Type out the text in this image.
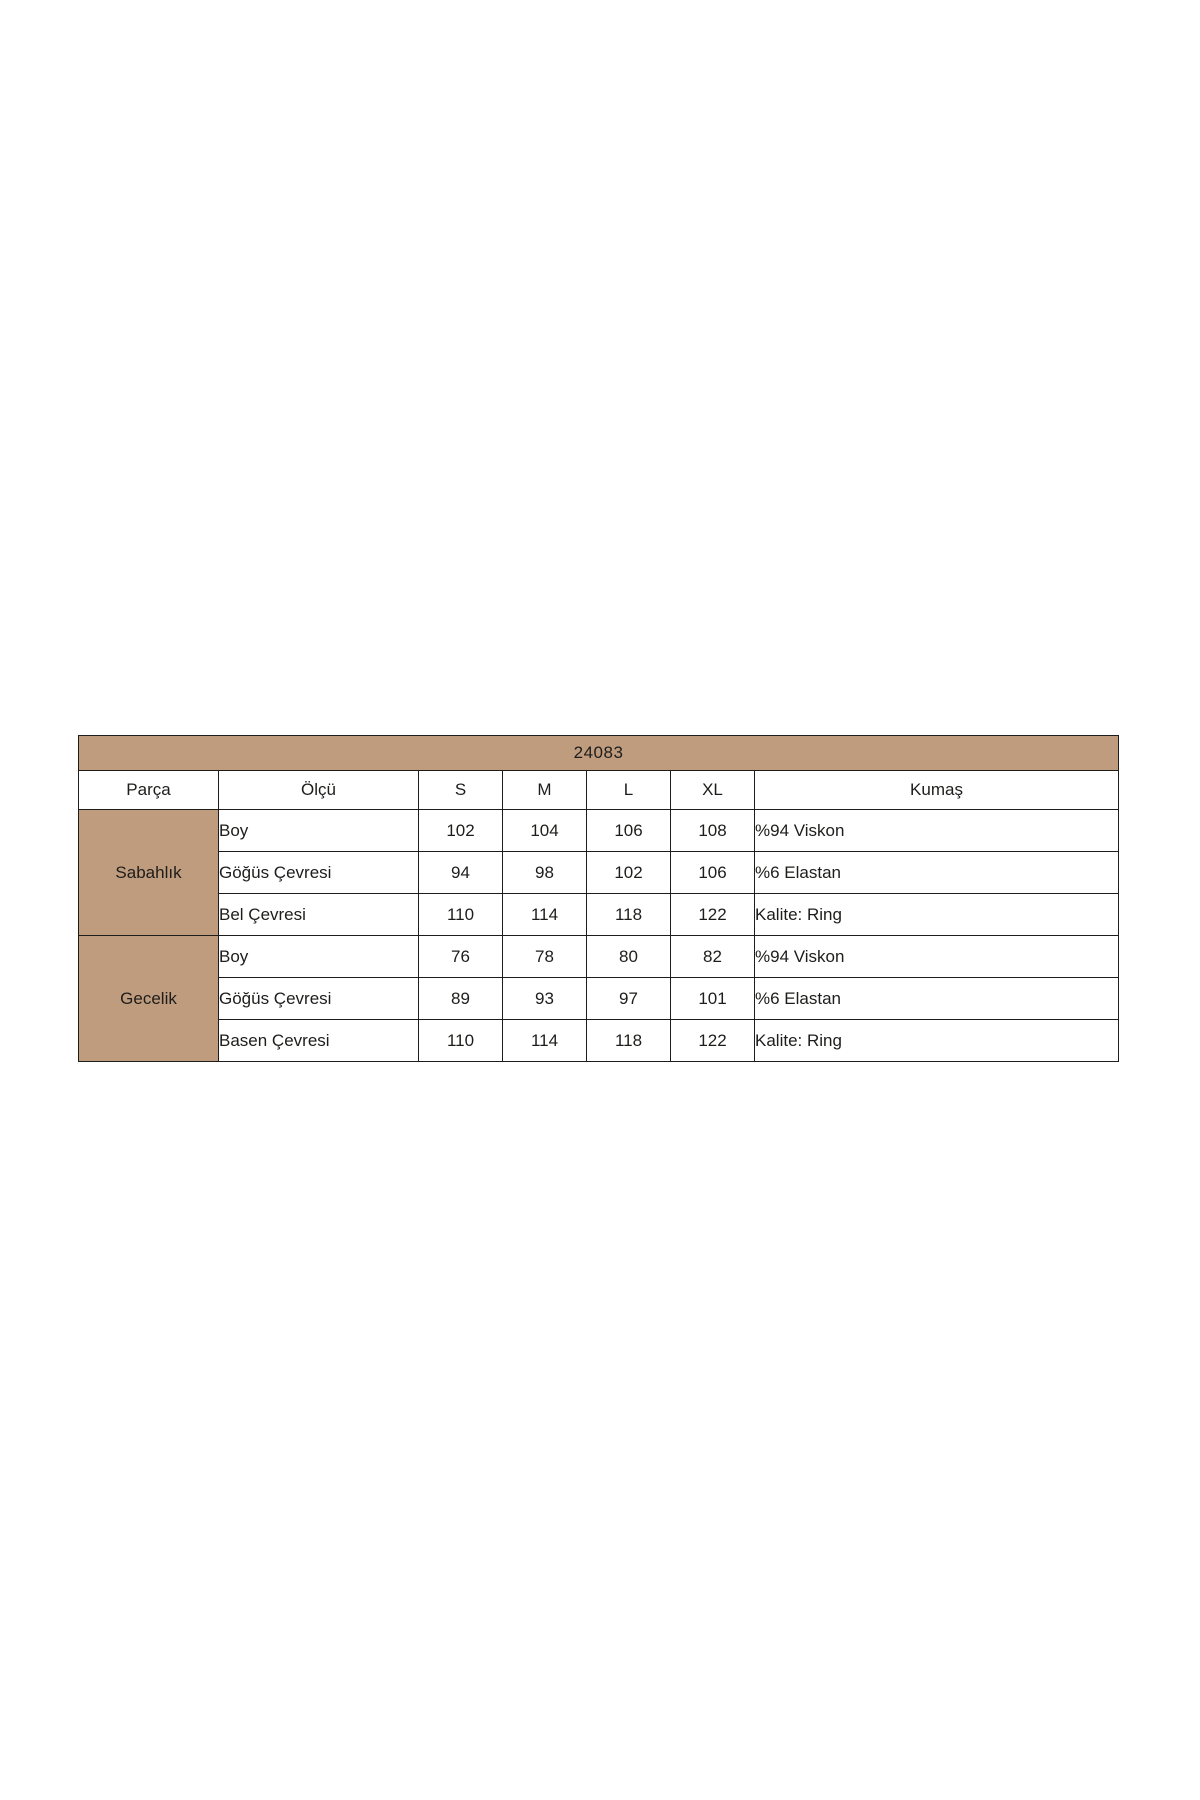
24083						
Parça	Ölçü	S	M	L	XL	Kumaş
Sabahlık	Boy	102	104	106	108	%94 Viskon
	Göğüs Çevresi	94	98	102	106	%6 Elastan
	Bel Çevresi	110	114	118	122	Kalite: Ring
Gecelik	Boy	76	78	80	82	%94 Viskon
	Göğüs Çevresi	89	93	97	101	%6 Elastan
	Basen Çevresi	110	114	118	122	Kalite: Ring
